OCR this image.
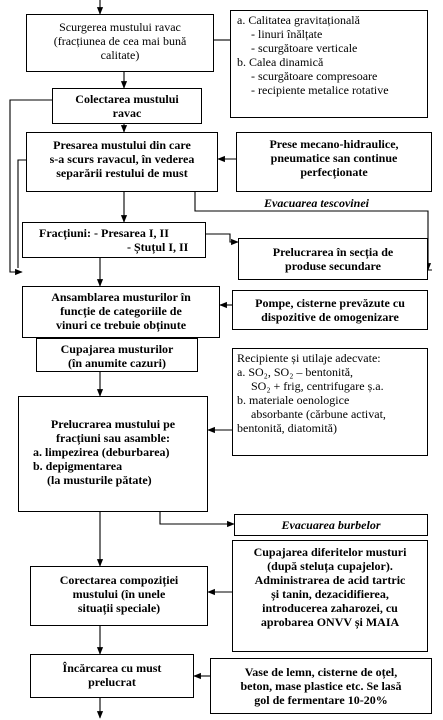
Scurgerea mustului ravac
(fracțiunea de cea mai bună
calitate)
a. Calitatea gravitațională
- linuri înălțate
- scurgătoare verticale
b. Calea dinamică
- scurgătoare compresoare
- recipiente metalice rotative
Colectarea mustului
ravac
Presarea mustului din care
s-a scurs ravacul, în vederea
separării restului de must
Prese mecano-hidraulice,
pneumatice san continue
perfecționate
Evacuarea tescovinei
Fracțiuni: - Presarea I, II
- Ștuțul I, II	Prelucrarea în secția de
produse secundare
Ansamblarea musturilor în
funcție de categoriile de
vinuri ce trebuie obținute
Pompe, cisterne prevăzute cu
dispozitive de omogenizare
Cupajarea musturilor
(în anumite cazuri)	Recipiente și utilaje adecvate:
a. SO₂, SO₂ – bentonită,
SO₂ + frig, centrifugare ș.a.
b. materiale oenologice
absorbante (cărbune activat,
bentonită, diatomită)
Prelucrarea mustului pe
fracțiuni sau asamble:
a. limpezirea (deburbarea)
b. depigmentarea
(la musturile pătate)
Evacuarea burbelor
Corectarea compoziției
mustului (în unele
situații speciale)
Cupajarea diferitelor musturi
(după steluța cupajelor).
Administrarea de acid tartric
și tanin, dezacidifierea,
introducerea zaharozei, cu
aprobarea ONVV și MAIA
Încărcarea cu must
prelucrat
Vase de lemn, cisterne de oțel,
beton, mase plastice etc. Se lasă
gol de fermentare 10-20%
